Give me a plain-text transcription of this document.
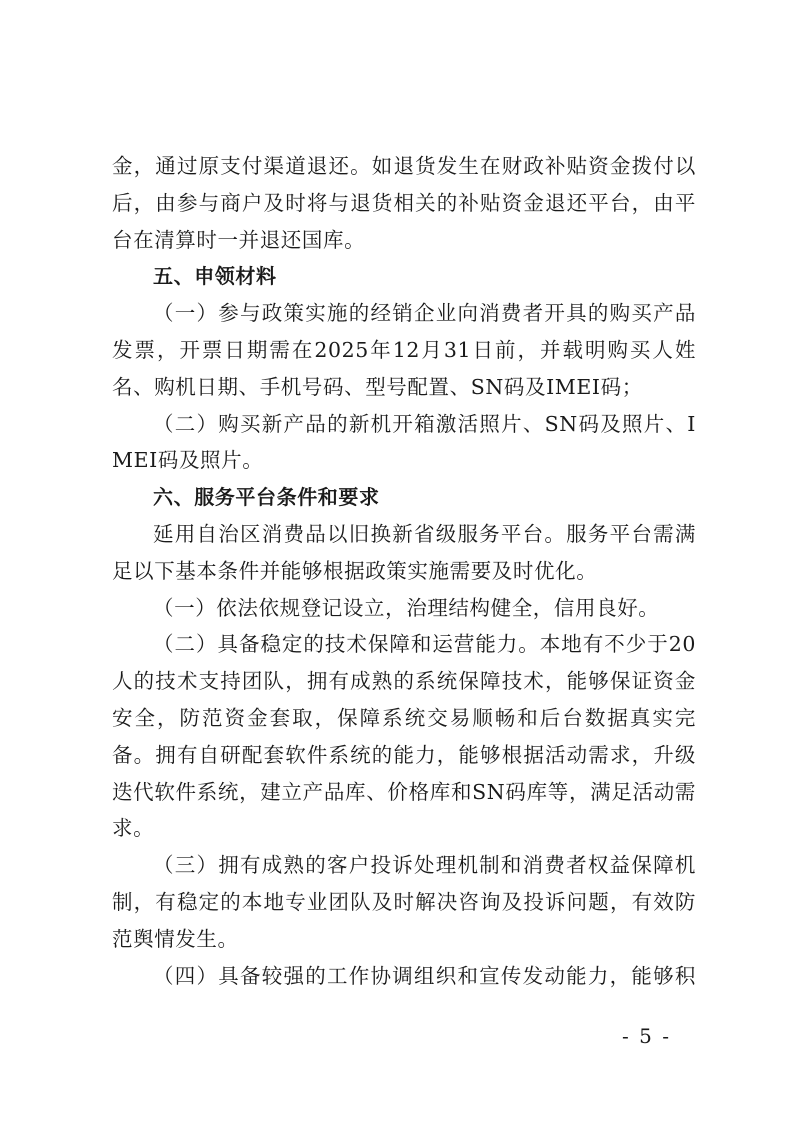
金，通过原支付渠道退还。如退货发生在财政补贴资金拨付以后，由参与商户及时将与退货相关的补贴资金退还平台，由平台在清算时一并退还国库。

五、申领材料

（一）参与政策实施的经销企业向消费者开具的购买产品发票，开票日期需在2025年12月31日前，并载明购买人姓名、购机日期、手机号码、型号配置、SN码及IMEI码；

（二）购买新产品的新机开箱激活照片、SN码及照片、IMEI码及照片。

六、服务平台条件和要求

延用自治区消费品以旧换新省级服务平台。服务平台需满足以下基本条件并能够根据政策实施需要及时优化。

（一）依法依规登记设立，治理结构健全，信用良好。

（二）具备稳定的技术保障和运营能力。本地有不少于20人的技术支持团队，拥有成熟的系统保障技术，能够保证资金安全，防范资金套取，保障系统交易顺畅和后台数据真实完备。拥有自研配套软件系统的能力，能够根据活动需求，升级迭代软件系统，建立产品库、价格库和SN码库等，满足活动需求。

（三）拥有成熟的客户投诉处理机制和消费者权益保障机制，有稳定的本地专业团队及时解决咨询及投诉问题，有效防范舆情发生。

（四）具备较强的工作协调组织和宣传发动能力，能够积

- 5 -
